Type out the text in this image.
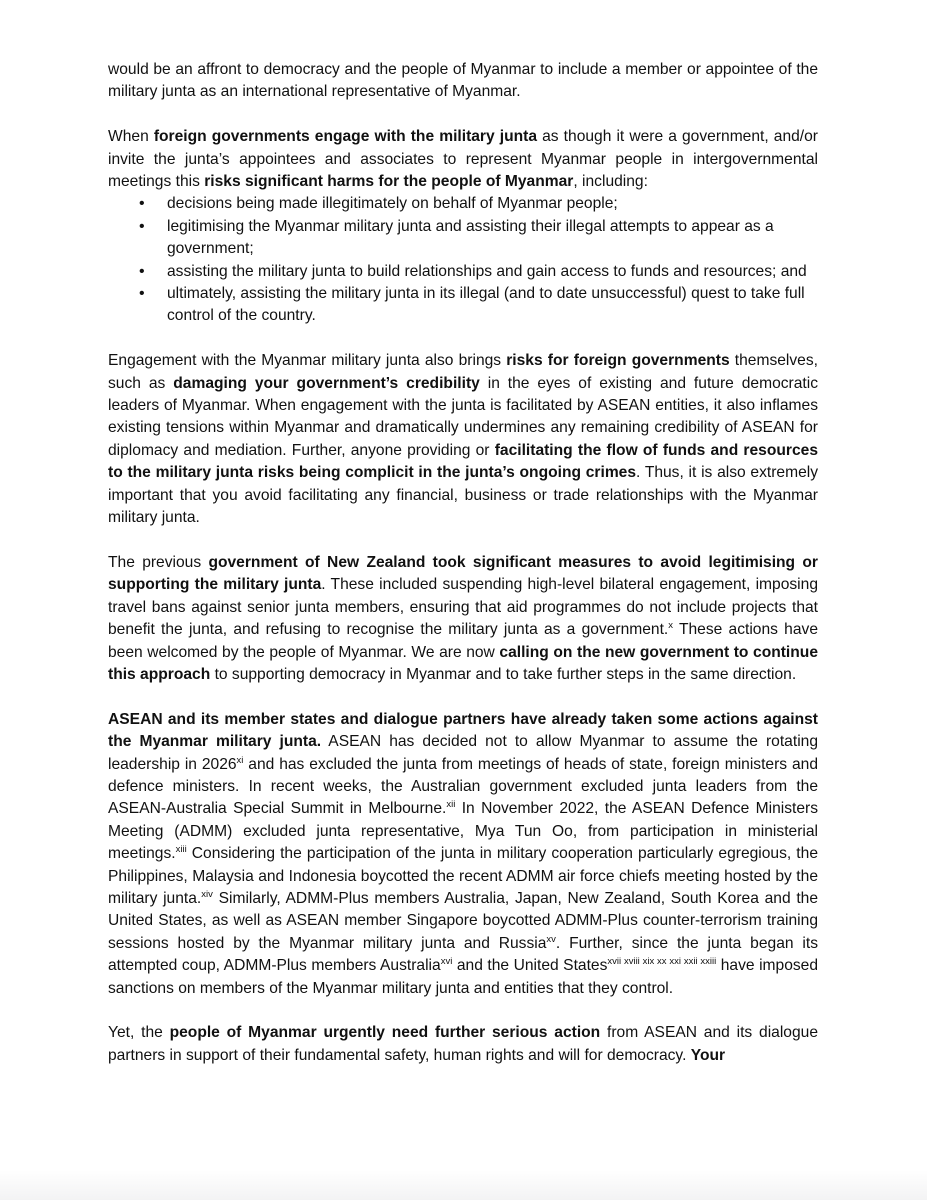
would be an affront to democracy and the people of Myanmar to include a member or appointee of the military junta as an international representative of Myanmar.

When foreign governments engage with the military junta as though it were a government, and/or invite the junta’s appointees and associates to represent Myanmar people in intergovernmental meetings this risks significant harms for the people of Myanmar, including:

• decisions being made illegitimately on behalf of Myanmar people;
• legitimising the Myanmar military junta and assisting their illegal attempts to appear as a government;
• assisting the military junta to build relationships and gain access to funds and resources; and
• ultimately, assisting the military junta in its illegal (and to date unsuccessful) quest to take full control of the country.

Engagement with the Myanmar military junta also brings risks for foreign governments themselves, such as damaging your government’s credibility in the eyes of existing and future democratic leaders of Myanmar. When engagement with the junta is facilitated by ASEAN entities, it also inflames existing tensions within Myanmar and dramatically undermines any remaining credibility of ASEAN for diplomacy and mediation. Further, anyone providing or facilitating the flow of funds and resources to the military junta risks being complicit in the junta’s ongoing crimes. Thus, it is also extremely important that you avoid facilitating any financial, business or trade relationships with the Myanmar military junta.

The previous government of New Zealand took significant measures to avoid legitimising or supporting the military junta. These included suspending high-level bilateral engagement, imposing travel bans against senior junta members, ensuring that aid programmes do not include projects that benefit the junta, and refusing to recognise the military junta as a government.$^x$ These actions have been welcomed by the people of Myanmar. We are now calling on the new government to continue this approach to supporting democracy in Myanmar and to take further steps in the same direction.

ASEAN and its member states and dialogue partners have already taken some actions against the Myanmar military junta. ASEAN has decided not to allow Myanmar to assume the rotating leadership in 2026$^{xi}$ and has excluded the junta from meetings of heads of state, foreign ministers and defence ministers. In recent weeks, the Australian government excluded junta leaders from the ASEAN-Australia Special Summit in Melbourne.$^{xii}$ In November 2022, the ASEAN Defence Ministers Meeting (ADMM) excluded junta representative, Mya Tun Oo, from participation in ministerial meetings.$^{xiii}$ Considering the participation of the junta in military cooperation particularly egregious, the Philippines, Malaysia and Indonesia boycotted the recent ADMM air force chiefs meeting hosted by the military junta.$^{xiv}$ Similarly, ADMM-Plus members Australia, Japan, New Zealand, South Korea and the United States, as well as ASEAN member Singapore boycotted ADMM-Plus counter-terrorism training sessions hosted by the Myanmar military junta and Russia$^{xv}$. Further, since the junta began its attempted coup, ADMM-Plus members Australia$^{xvi}$ and the United States$^{xvii xviii xix xx xxi xxii xxiii}$ have imposed sanctions on members of the Myanmar military junta and entities that they control.

Yet, the people of Myanmar urgently need further serious action from ASEAN and its dialogue partners in support of their fundamental safety, human rights and will for democracy. Your
